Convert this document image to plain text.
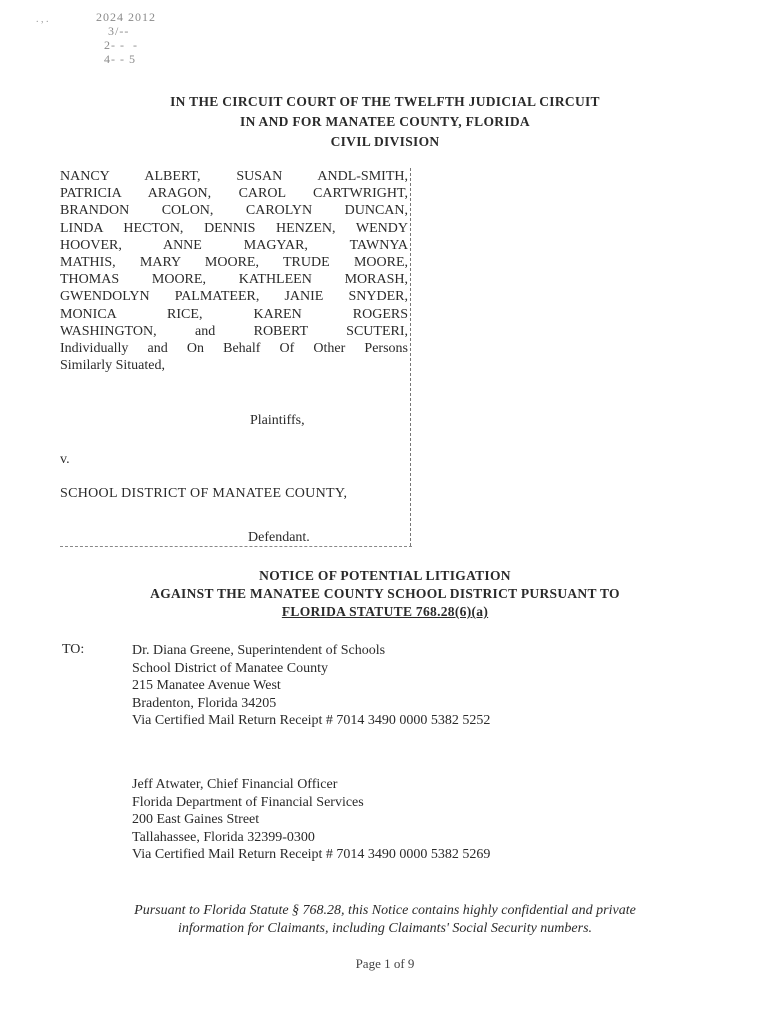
. , .	2024 2012
3/--
2- -  -
4- - 5
IN THE CIRCUIT COURT OF THE TWELFTH JUDICIAL CIRCUIT
IN AND FOR MANATEE COUNTY, FLORIDA
CIVIL DIVISION
NANCY ALBERT, SUSAN ANDL-SMITH,
PATRICIA ARAGON, CAROL CARTWRIGHT,
BRANDON COLON, CAROLYN DUNCAN,
LINDA HECTON, DENNIS HENZEN, WENDY
HOOVER, ANNE MAGYAR, TAWNYA
MATHIS, MARY MOORE, TRUDE MOORE,
THOMAS MOORE, KATHLEEN MORASH,
GWENDOLYN PALMATEER, JANIE SNYDER,
MONICA RICE, KAREN ROGERS
WASHINGTON, and ROBERT SCUTERI,
Individually and On Behalf Of Other Persons
Similarly Situated,
Plaintiffs,
v.
SCHOOL DISTRICT OF MANATEE COUNTY,
Defendant.
NOTICE OF POTENTIAL LITIGATION
AGAINST THE MANATEE COUNTY SCHOOL DISTRICT PURSUANT TO
FLORIDA STATUTE 768.28(6)(a)
TO:	Dr. Diana Greene, Superintendent of Schools
School District of Manatee County
215 Manatee Avenue West
Bradenton, Florida 34205
Via Certified Mail Return Receipt # 7014 3490 0000 5382 5252
Jeff Atwater, Chief Financial Officer
Florida Department of Financial Services
200 East Gaines Street
Tallahassee, Florida 32399-0300
Via Certified Mail Return Receipt # 7014 3490 0000 5382 5269
Pursuant to Florida Statute § 768.28, this Notice contains highly confidential and private
information for Claimants, including Claimants' Social Security numbers.
Page 1 of 9
